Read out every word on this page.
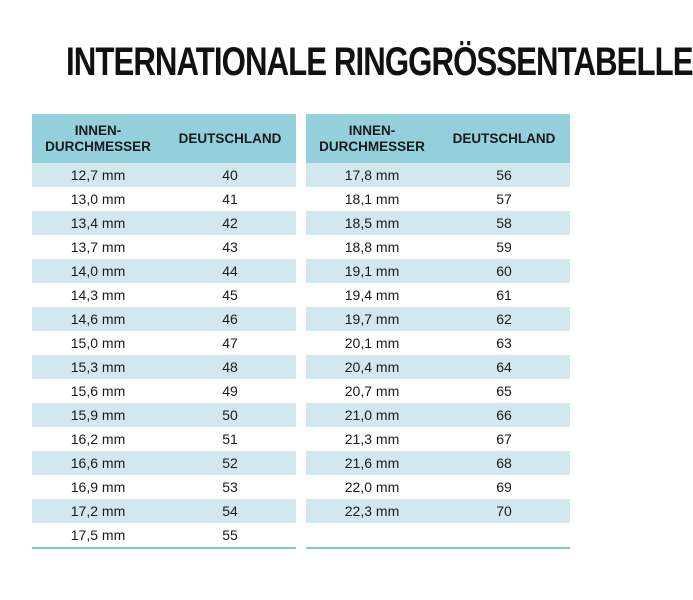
INTERNATIONALE RINGGRÖSSENTABELLE
INNEN-
DURCHMESSER
DEUTSCHLAND
12,7 mm	40
13,0 mm	41
13,4 mm	42
13,7 mm	43
14,0 mm	44
14,3 mm	45
14,6 mm	46
15,0 mm	47
15,3 mm	48
15,6 mm	49
15,9 mm	50
16,2 mm	51
16,6 mm	52
16,9 mm	53
17,2 mm	54
17,5 mm	55
INNEN-
DURCHMESSER
DEUTSCHLAND
17,8 mm	56
18,1 mm	57
18,5 mm	58
18,8 mm	59
19,1 mm	60
19,4 mm	61
19,7 mm	62
20,1 mm	63
20,4 mm	64
20,7 mm	65
21,0 mm	66
21,3 mm	67
21,6 mm	68
22,0 mm	69
22,3 mm	70
